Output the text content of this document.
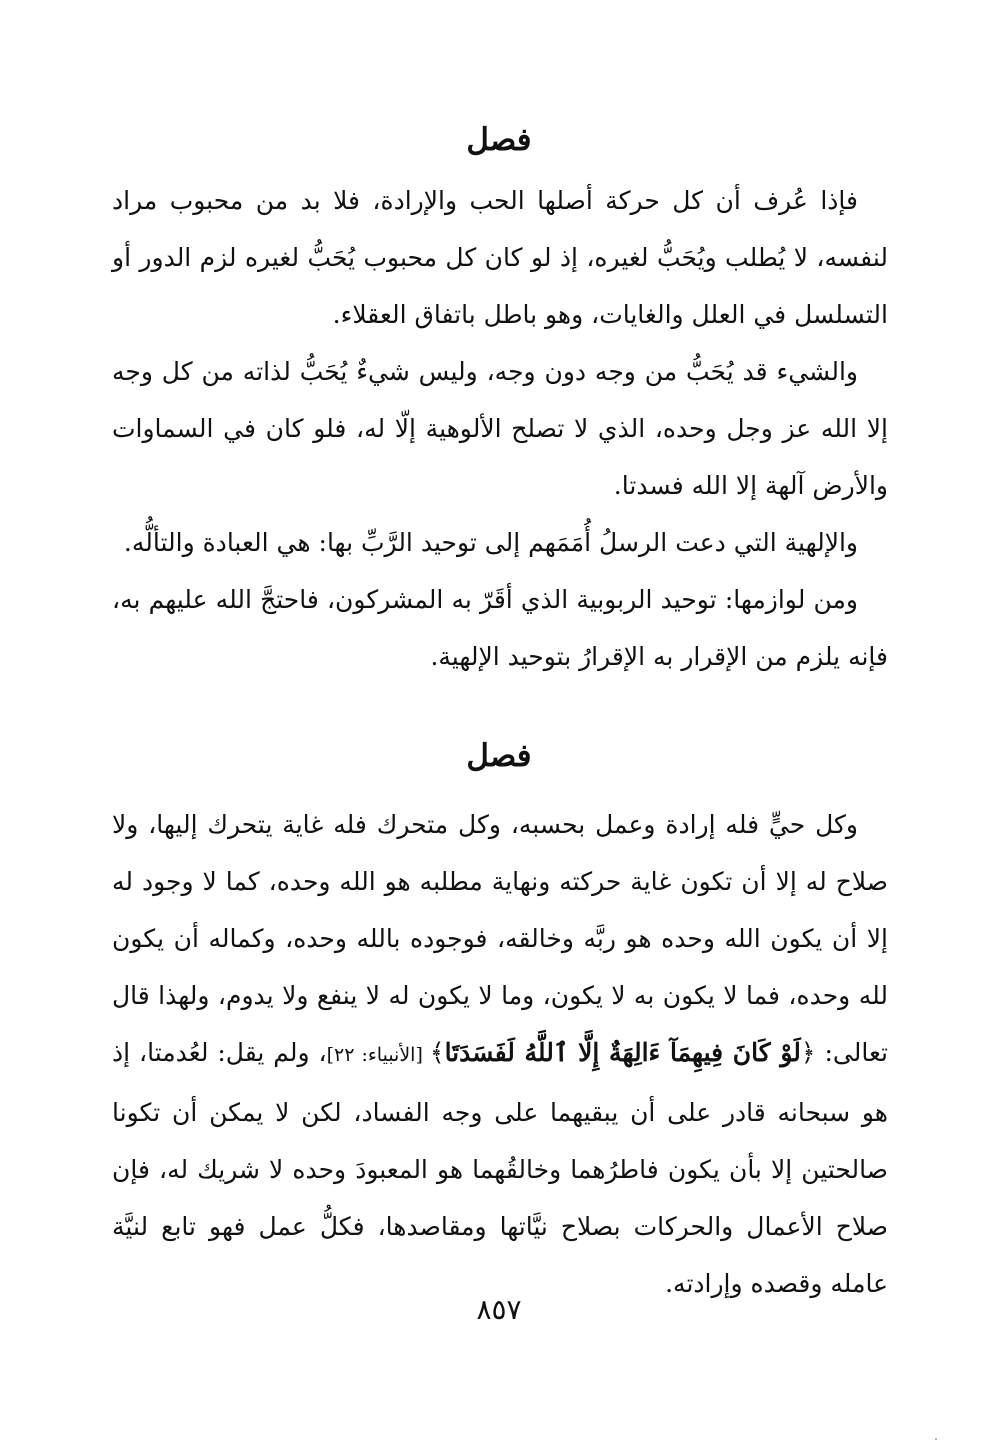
فصل

فإذا عُرف أن كل حركة أصلها الحب والإرادة، فلا بد من محبوب مراد لنفسه، لا يُطلب ويُحَبُّ لغيره، إذ لو كان كل محبوب يُحَبُّ لغيره لزم الدور أو التسلسل في العلل والغايات، وهو باطل باتفاق العقلاء.

والشيء قد يُحَبُّ من وجه دون وجه، وليس شيءٌ يُحَبُّ لذاته من كل وجه إلا الله عز وجل وحده، الذي لا تصلح الألوهية إلّا له، فلو كان في السماوات والأرض آلهة إلا الله فسدتا.

والإلهية التي دعت الرسلُ أُمَمَهم إلى توحيد الرَّبِّ بها: هي العبادة والتألُّه.

ومن لوازمها: توحيد الربوبية الذي أقَرّ به المشركون، فاحتجَّ الله عليهم به، فإنه يلزم من الإقرار به الإقرارُ بتوحيد الإلهية.

فصل

وكل حيٍّ فله إرادة وعمل بحسبه، وكل متحرك فله غاية يتحرك إليها، ولا صلاح له إلا أن تكون غاية حركته ونهاية مطلبه هو الله وحده، كما لا وجود له إلا أن يكون الله وحده هو ربَّه وخالقه، فوجوده بالله وحده، وكماله أن يكون لله وحده، فما لا يكون به لا يكون، وما لا يكون له لا ينفع ولا يدوم، ولهذا قال تعالى: ﴿لَوْ كَانَ فِيهِمَآ ءَالِهَةٌ إِلَّا ٱللَّهُ لَفَسَدَتَا﴾ [الأنبياء: ٢٢]، ولم يقل: لعُدمتا، إذ هو سبحانه قادر على أن يبقيهما على وجه الفساد، لكن لا يمكن أن تكونا صالحتين إلا بأن يكون فاطرُهما وخالقُهما هو المعبودَ وحده لا شريك له، فإن صلاح الأعمال والحركات بصلاح نيَّاتها ومقاصدها، فكلُّ عمل فهو تابع لنيَّة عامله وقصده وإرادته.

٨٥٧
